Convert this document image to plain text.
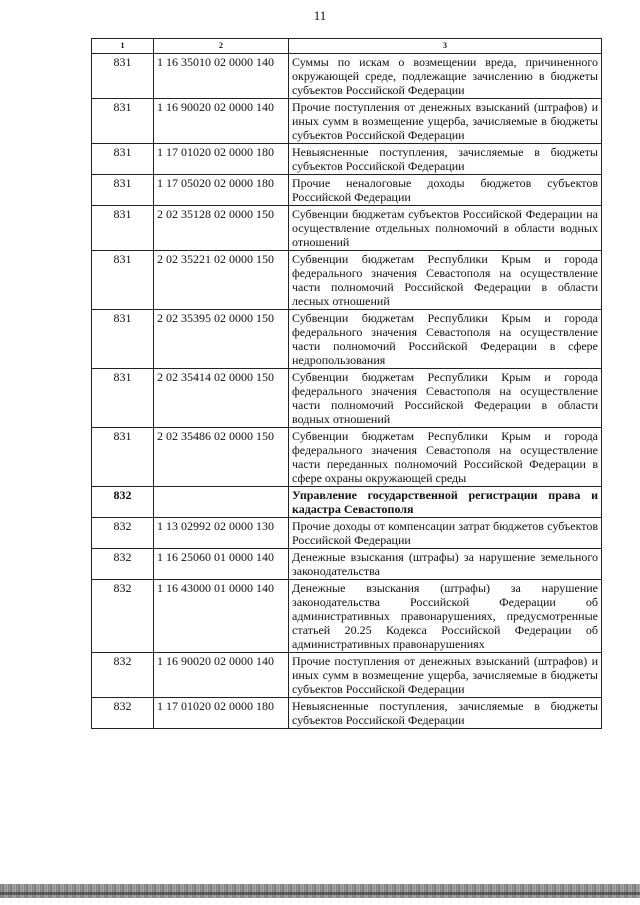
11
1	2	3
831	1 16 35010 02 0000 140	Суммы по искам о возмещении вреда, причиненного окружающей среде, подлежащие зачислению в бюджеты субъектов Российской Федерации
831	1 16 90020 02 0000 140	Прочие поступления от денежных взысканий (штрафов) и иных сумм в возмещение ущерба, зачисляемые в бюджеты субъектов Российской Федерации
831	1 17 01020 02 0000 180	Невыясненные поступления, зачисляемые в бюджеты субъектов Российской Федерации
831	1 17 05020 02 0000 180	Прочие неналоговые доходы бюджетов субъектов Российской Федерации
831	2 02 35128 02 0000 150	Субвенции бюджетам субъектов Российской Федерации на осуществление отдельных полномочий в области водных отношений
831	2 02 35221 02 0000 150	Субвенции бюджетам Республики Крым и города федерального значения Севастополя на осуществление части полномочий Российской Федерации в области лесных отношений
831	2 02 35395 02 0000 150	Субвенции бюджетам Республики Крым и города федерального значения Севастополя на осуществление части полномочий Российской Федерации в сфере недропользования
831	2 02 35414 02 0000 150	Субвенции бюджетам Республики Крым и города федерального значения Севастополя на осуществление части полномочий Российской Федерации в области водных отношений
831	2 02 35486 02 0000 150	Субвенции бюджетам Республики Крым и города федерального значения Севастополя на осуществление части переданных полномочий Российской Федерации в сфере охраны окружающей среды
832		Управление государственной регистрации права и кадастра Севастополя
832	1 13 02992 02 0000 130	Прочие доходы от компенсации затрат бюджетов субъектов Российской Федерации
832	1 16 25060 01 0000 140	Денежные взыскания (штрафы) за нарушение земельного законодательства
832	1 16 43000 01 0000 140	Денежные взыскания (штрафы) за нарушение законодательства Российской Федерации об административных правонарушениях, предусмотренные статьей 20.25 Кодекса Российской Федерации об административных правонарушениях
832	1 16 90020 02 0000 140	Прочие поступления от денежных взысканий (штрафов) и иных сумм в возмещение ущерба, зачисляемые в бюджеты субъектов Российской Федерации
832	1 17 01020 02 0000 180	Невыясненные поступления, зачисляемые в бюджеты субъектов Российской Федерации
